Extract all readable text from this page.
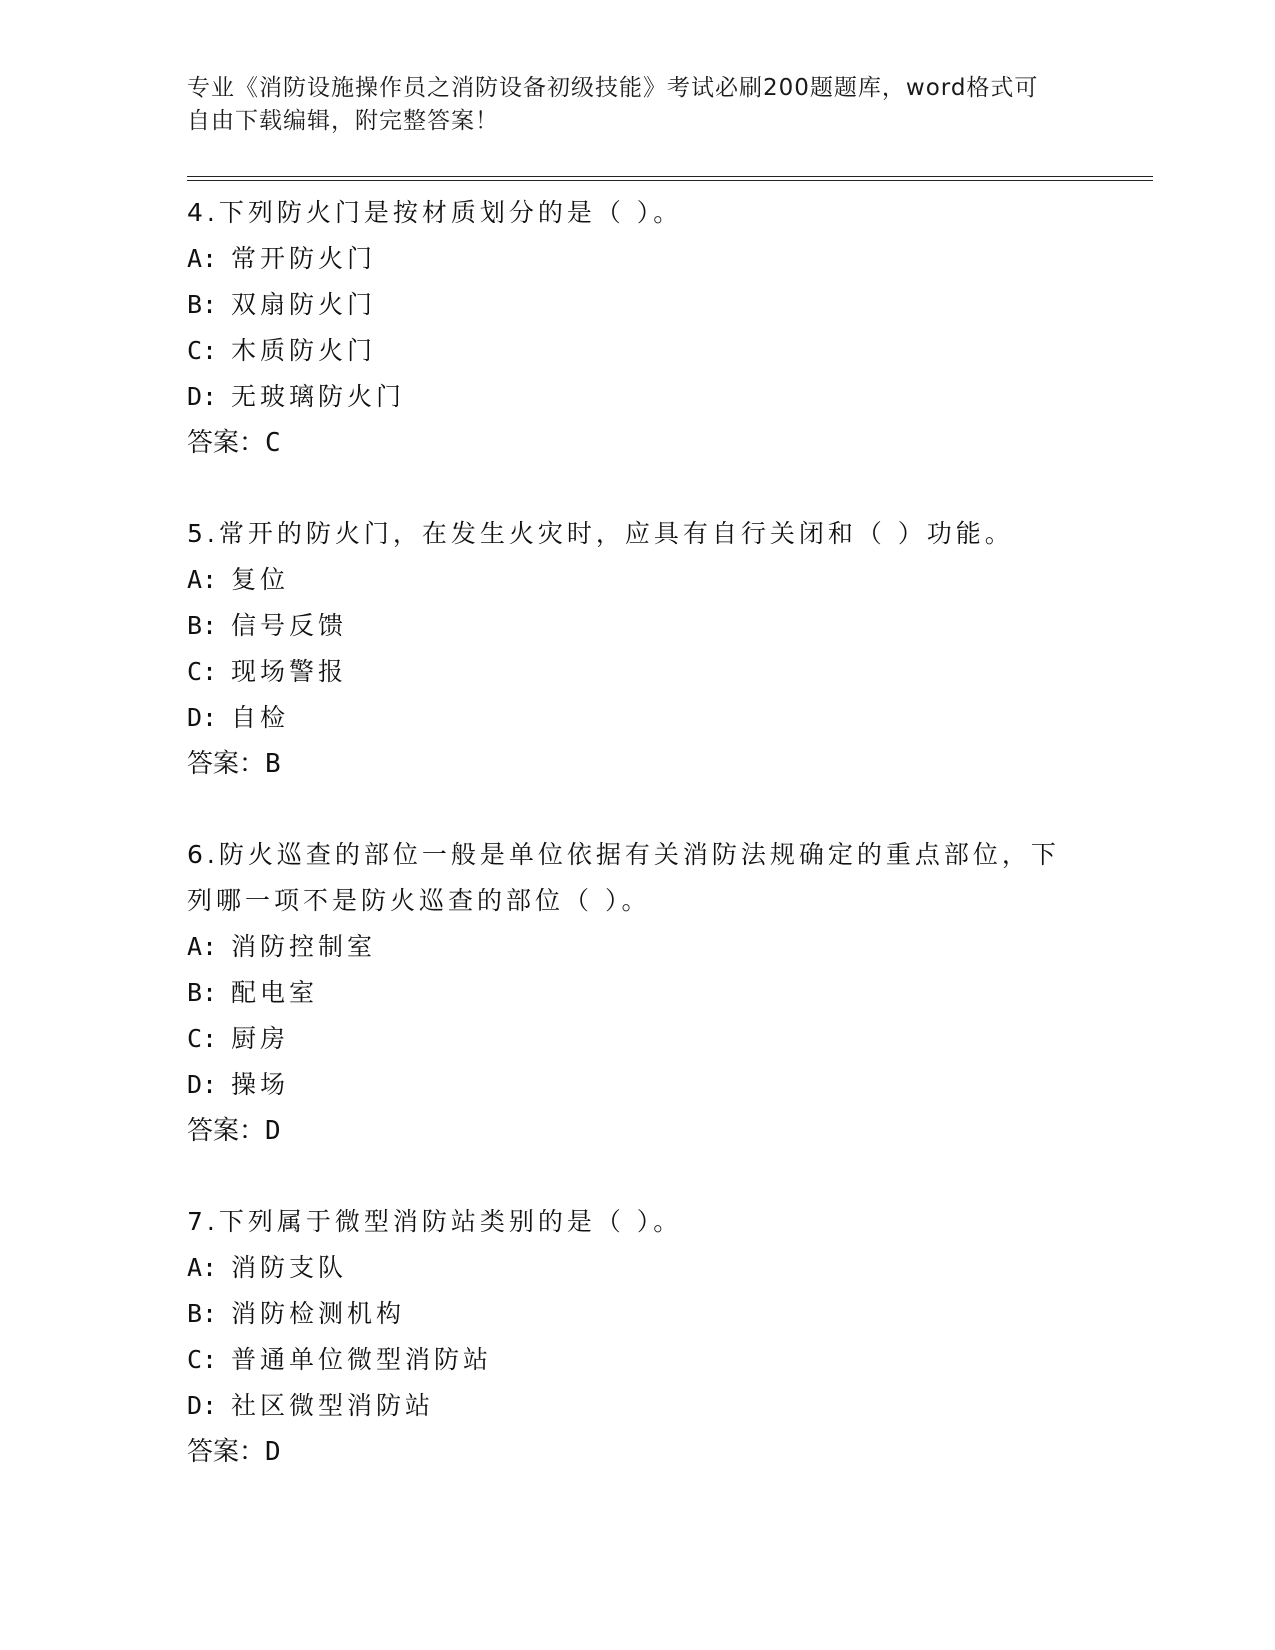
专业《消防设施操作员之消防设备初级技能》考试必刷200题题库，word格式可
自由下载编辑，附完整答案！
4.下列防火门是按材质划分的是（ ）。
A: 常开防火门
B: 双扇防火门
C: 木质防火门
D: 无玻璃防火门
答案：C
5.常开的防火门，在发生火灾时，应具有自行关闭和（ ）功能。
A: 复位
B: 信号反馈
C: 现场警报
D: 自检
答案：B
6.防火巡查的部位一般是单位依据有关消防法规确定的重点部位，下
列哪一项不是防火巡查的部位（ ）。
A: 消防控制室
B: 配电室
C: 厨房
D: 操场
答案：D
7.下列属于微型消防站类别的是（ ）。
A: 消防支队
B: 消防检测机构
C: 普通单位微型消防站
D: 社区微型消防站
答案：D
